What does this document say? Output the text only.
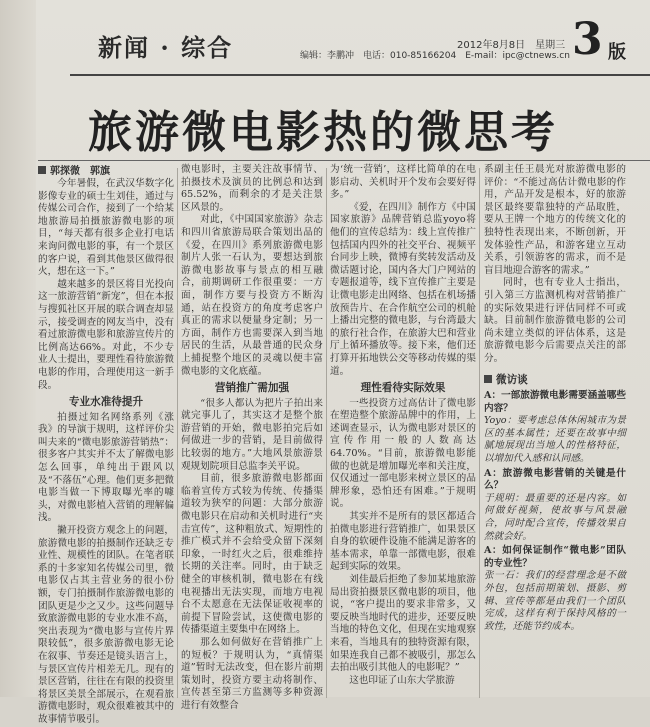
新闻 · 综合	2012年8月8日　星期三
编辑：李鹏冲　电话：010-85166204　E-mail：ipc@ctnews.cn 3 版
旅游微电影热的微思考
郭探微　郭旗

今年暑假，在武汉华数字化影像专业的硕士生刘佳，通过与传媒公司合作，接到了一个给某地旅游局拍摄旅游微电影的项目，“每天都有很多企业打电话来询问微电影的事，有一个景区的客户说，看到其他景区做得很火，想在这一下。”

越来越多的景区将目光投向这一旅游营销“新宠”，但在本报与搜狐社区开展的联合调查却显示，接受调查的网友当中，没有看过旅游微电影和旅游宣传片的比例高达66%。对此，不少专业人士提出，要理性看待旅游微电影的作用，合理使用这一新手段。

专业水准待提升

拍摄过知名网络系列《涨我》的导演于规明，这样评价尖叫夫来的“微电影旅游营销热”：很多客户其实并不太了解微电影怎么回事，单纯出于跟风以及“不落伍”心理。他们更多把微电影当做一下博取曝光率的噱头，对微电影植入营销的理解偏浅。

撇开投资方观念上的问题，旅游微电影的拍摄制作还缺乏专业性、规模性的团队。在笔者联系的十多家知名传媒公司里，微电影仅占其主营业务的很小份额，专门拍摄制作旅游微电影的团队更是少之又少。这些问题导致旅游微电影的专业水准不高，突出表现为“微电影与宣传片界限较低”，很多旅游微电影无论在叙事、节奏还是镜头语言上，与景区宣传片相差无几。现有的景区营销，往往在有限的投资里将景区美景全部展示，在观看旅游微电影时，观众很难被其中的故事情节吸引。

微电影时，主要关注故事情节、拍摄技术及演员的比例总和达到65.52%，而剩余的才是关注景区风景的。

对此，《中国国家旅游》杂志和四川省旅游局联合策划出品的《爱，在四川》系列旅游微电影制片人张一石认为，要想达到旅游微电影故事与景点的相互融合，前期调研工作很重要：一方面，制作方要与投资方不断沟通，站在投资方的角度考虑客户真正的需求以便量身定制；另一方面，制作方也需要深入到当地居民的生活，从最普通的民众身上捕捉整个地区的灵魂以便丰富微电影的文化底蕴。

营销推广需加强

“很多人都认为把片子拍出来就完事儿了，其实这才是整个旅游营销的开始，微电影拍完后如何做进一步的营销，是目前做得比较弱的地方。”大地风景旅游景观规划院项目总监李关平说。

目前，很多旅游微电影都面临着宣传方式较为传统、传播渠道较为狭窄的问题：大部分旅游微电影只在启动和关机时进行“夹击宣传”，这种粗放式、短期性的推广模式并不会给受众留下深刻印象，一时红火之后，很难维持长期的关注率。同时，由于缺乏健全的审核机制，微电影在有线电视播出无法实现，而地方电视台不太愿意在无法保证收视率的前提下冒险尝试，这使微电影的传播渠道主要集中在网络上。

那么如何做好在营销推广上的短板？于规明认为，“真情渠道”暂时无法改变，但在影片前期策划时，投资方要主动将制作、宣传甚至第三方监测等多种资源进行有效整合

为‘统一营销’，这样比简单的在电影启动、关机时开个发布会要好得多。”

《爱，在四川》制作方《中国国家旅游》品牌营销总监yoyo将他们的宣传总结为：线上宣传推广包括国内四外的社交平台、视频平台同步上映，微博有奖转发活动及微话题讨论，国内各大门户网站的专题报道等，线下宣传推广主要是让微电影走出网络、包括在机场播放预告片、在合作航空公司的机舱上播出完整的微电影，与台湾最大的旅行社合作，在旅游大巴和营业厅上循环播放等。接下来，他们还打算开拓地铁公交等移动传媒的渠道。

理性看待实际效果

一些投资方过高估计了微电影在塑造整个旅游品牌中的作用，上述调查显示，认为微电影对景区的宣传作用一般的人数高达64.70%。“目前，旅游微电影能做的也就是增加曝光率和关注度，仅仅通过一部电影来树立景区的品牌形象，恐怕还有困难。”于规明说。

其实并不是所有的景区都适合拍微电影进行营销推广，如果景区自身的软硬件设施不能满足游客的基本需求，单靠一部微电影，很难起到实际的效果。

刘佳最后拒绝了参加某地旅游局出资拍摄景区微电影的项目，他说，“客户提出的要求非常多，又要反映当地时代的进步，还要反映当地的特色文化，但现在实地观察来看，当地具有的独特资源有限，如果连我自己都不被吸引，那怎么去拍出吸引其他人的电影呢？”

这也印证了山东大学旅游

系副主任王晨光对旅游微电影的评价：“不能过高估计微电影的作用，产品开发是根本，好的旅游景区最终要靠独特的产品取胜，要从王牌一个地方的传统文化的独特性表现出来，不断创新，开发体验性产品，和游客建立互动关系，引领游客的需求，而不是盲目地迎合游客的需求。”

同时，也有专业人士指出，引入第三方监测机构对营销推广的实际效果进行评估同样不可或缺。目前制作旅游微电影的公司尚未建立类似的评估体系，这是旅游微电影今后需要点关注的部分。

微访谈

A：一部旅游微电影需要涵盖哪些内容？

Yoyo：要考虑总体休闲城市为景区的基本属性；还要在故事中细腻地展现出当地人的性格特征，以增加代入感和认同感。

A：旅游微电影营销的关键是什么？

于规明：最重要的还是内容。如何做好视频，使故事与风景融合，同时配合宣传，传播效果自然就会好。

A：如何保证制作“微电影”团队的专业性？

张一石：我们的经营理念是不做外包，包括前期策划、摄影、剪辑、宣传等都是由我们一个团队完成，这样有利于保持风格的一致性，还能节约成本。
